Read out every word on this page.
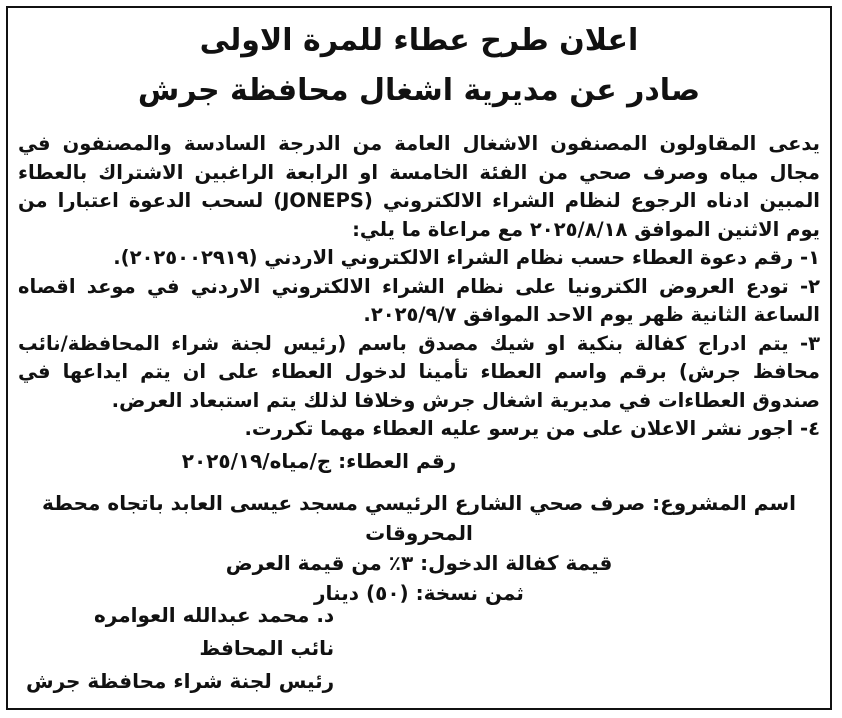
اعلان طرح عطاء للمرة الاولى

صادر عن مديرية اشغال محافظة جرش

يدعى المقاولون المصنفون الاشغال العامة من الدرجة السادسة والمصنفون في مجال مياه وصرف صحي من الفئة الخامسة او الرابعة الراغبين الاشتراك بالعطاء المبين ادناه الرجوع لنظام الشراء الالكتروني (JONEPS) لسحب الدعوة اعتبارا من يوم الاثنين الموافق ٢٠٢٥/٨/١٨ مع مراعاة ما يلي:

١- رقم دعوة العطاء حسب نظام الشراء الالكتروني الاردني (٢٠٢٥٠٠٢٩١٩).

٢- تودع العروض الكترونيا على نظام الشراء الالكتروني الاردني في موعد اقصاه الساعة الثانية ظهر يوم الاحد الموافق ٢٠٢٥/٩/٧.

٣- يتم ادراج كفالة بنكية او شيك مصدق باسم (رئيس لجنة شراء المحافظة/نائب محافظ جرش) برقم واسم العطاء تأمينا لدخول العطاء على ان يتم ايداعها في صندوق العطاءات في مديرية اشغال جرش وخلافا لذلك يتم استبعاد العرض.

٤- اجور نشر الاعلان على من يرسو عليه العطاء مهما تكررت.

رقم العطاء: ج/مياه/٢٠٢٥/١٩

اسم المشروع: صرف صحي الشارع الرئيسي مسجد عيسى العابد باتجاه محطة المحروقات

قيمة كفالة الدخول: ٣٪ من قيمة العرض

ثمن نسخة: (٥٠) دينار

د. محمد عبدالله العوامره
نائب المحافظ
رئيس لجنة شراء محافظة جرش
